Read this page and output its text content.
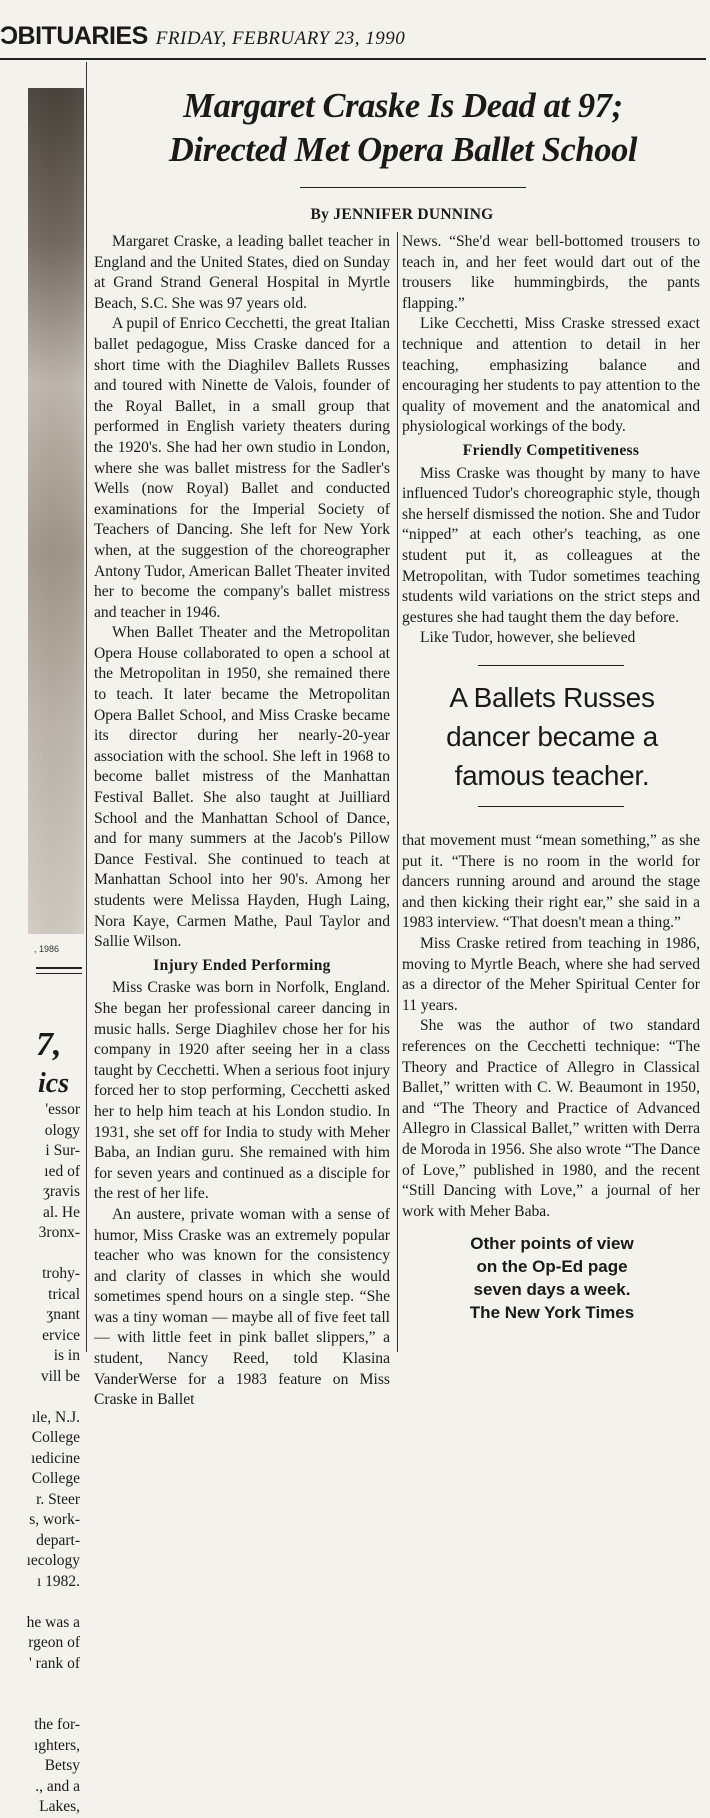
ƆBITUARIES FRIDAY, FEBRUARY 23, 1990
, 1986
7,
ics
'essor
ology
i Sur-
ıed of
ʒravis
al. He
3ronx-
trohy-
trical
ʒnant
ervice
is in
vill be
ıle, N.J.
College
ıedicine
College
r. Steer
s, work-
depart-
ıecology
ı 1982.
he was a
rgeon of
' rank of
the for-
ıghters,
Betsy
., and a
Lakes,
Margaret Craske Is Dead at 97;
Directed Met Opera Ballet School
By JENNIFER DUNNING

Margaret Craske, a leading ballet teacher in England and the United States, died on Sunday at Grand Strand General Hospital in Myrtle Beach, S.C. She was 97 years old.

A pupil of Enrico Cecchetti, the great Italian ballet pedagogue, Miss Craske danced for a short time with the Diaghilev Ballets Russes and toured with Ninette de Valois, founder of the Royal Ballet, in a small group that performed in English variety theaters during the 1920's. She had her own studio in London, where she was ballet mistress for the Sadler's Wells (now Royal) Ballet and conducted examinations for the Imperial Society of Teachers of Dancing. She left for New York when, at the suggestion of the choreographer Antony Tudor, American Ballet Theater invited her to become the company's ballet mistress and teacher in 1946.

When Ballet Theater and the Metropolitan Opera House collaborated to open a school at the Metropolitan in 1950, she remained there to teach. It later became the Metropolitan Opera Ballet School, and Miss Craske became its director during her nearly-20-year association with the school. She left in 1968 to become ballet mistress of the Manhattan Festival Ballet. She also taught at Juilliard School and the Manhattan School of Dance, and for many summers at the Jacob's Pillow Dance Festival. She continued to teach at Manhattan School into her 90's. Among her students were Melissa Hayden, Hugh Laing, Nora Kaye, Carmen Mathe, Paul Taylor and Sallie Wilson.

Injury Ended Performing

Miss Craske was born in Norfolk, England. She began her professional career dancing in music halls. Serge Diaghilev chose her for his company in 1920 after seeing her in a class taught by Cecchetti. When a serious foot injury forced her to stop performing, Cecchetti asked her to help him teach at his London studio. In 1931, she set off for India to study with Meher Baba, an Indian guru. She remained with him for seven years and continued as a disciple for the rest of her life.

An austere, private woman with a sense of humor, Miss Craske was an extremely popular teacher who was known for the consistency and clarity of classes in which she would sometimes spend hours on a single step. “She was a tiny woman — maybe all of five feet tall — with little feet in pink ballet slippers,” a student, Nancy Reed, told Klasina VanderWerse for a 1983 feature on Miss Craske in Ballet

News. “She'd wear bell-bottomed trousers to teach in, and her feet would dart out of the trousers like hummingbirds, the pants flapping.”

Like Cecchetti, Miss Craske stressed exact technique and attention to detail in her teaching, emphasizing balance and encouraging her students to pay attention to the quality of movement and the anatomical and physiological workings of the body.

Friendly Competitiveness

Miss Craske was thought by many to have influenced Tudor's choreographic style, though she herself dismissed the notion. She and Tudor “nipped” at each other's teaching, as one student put it, as colleagues at the Metropolitan, with Tudor sometimes teaching students wild variations on the strict steps and gestures she had taught them the day before.

Like Tudor, however, she believed

A Ballets Russes dancer became a famous teacher.

that movement must “mean something,” as she put it. “There is no room in the world for dancers running around and around the stage and then kicking their right ear,” she said in a 1983 interview. “That doesn't mean a thing.”

Miss Craske retired from teaching in 1986, moving to Myrtle Beach, where she had served as a director of the Meher Spiritual Center for 11 years.

She was the author of two standard references on the Cecchetti technique: “The Theory and Practice of Allegro in Classical Ballet,” written with C. W. Beaumont in 1950, and “The Theory and Practice of Advanced Allegro in Classical Ballet,” written with Derra de Moroda in 1956. She also wrote “The Dance of Love,” published in 1980, and the recent “Still Dancing with Love,” a journal of her work with Meher Baba.

Other points of view
on the Op-Ed page
seven days a week.
The New York Times
